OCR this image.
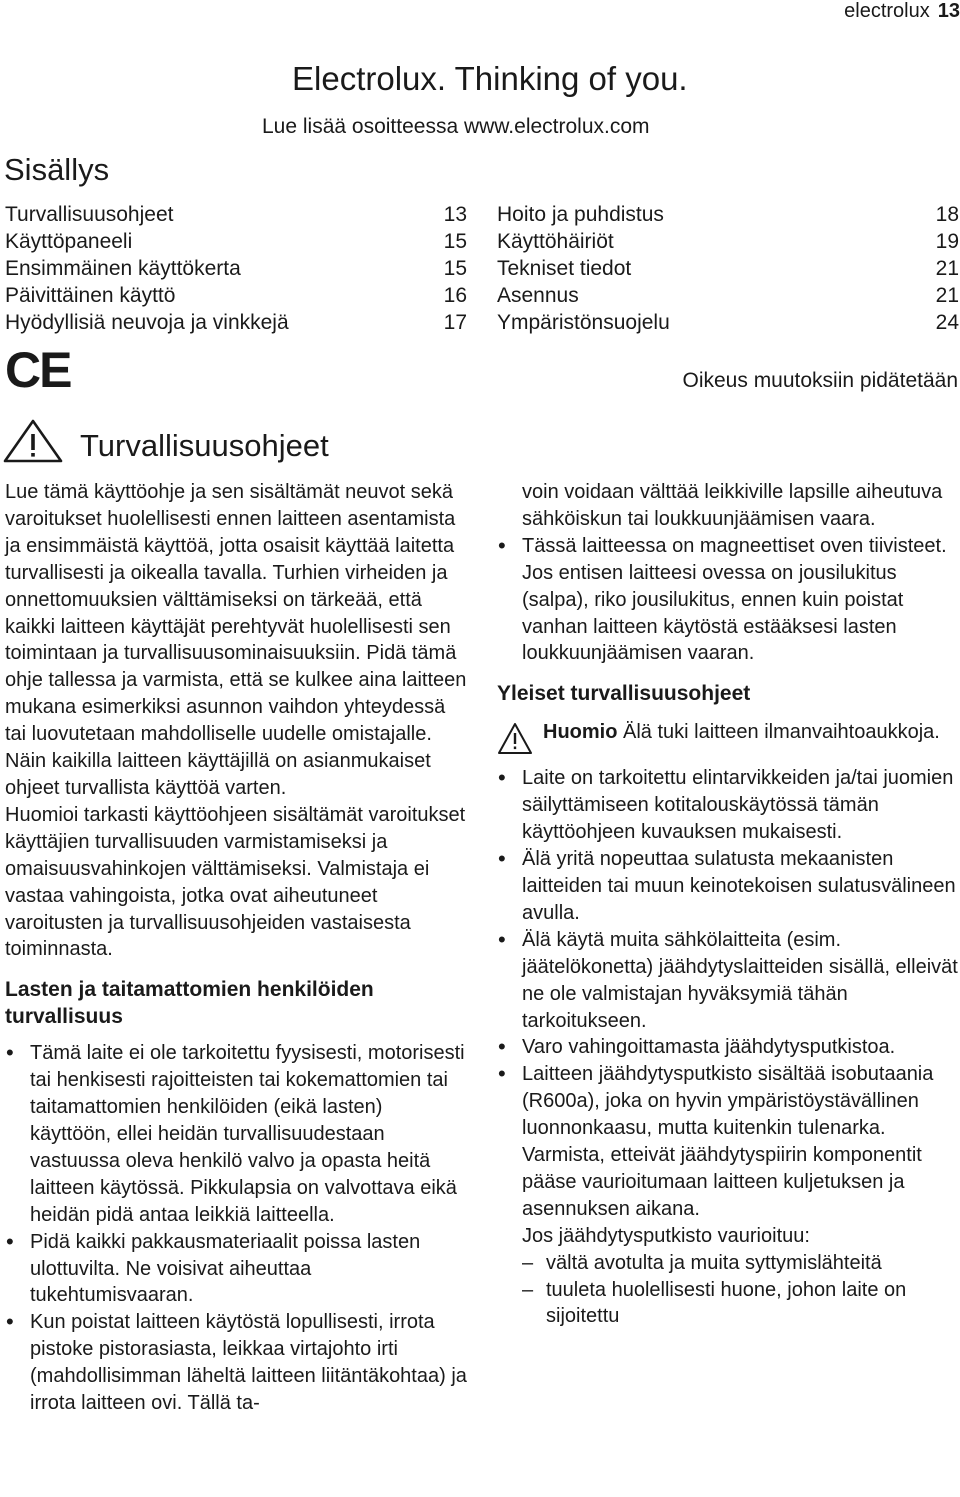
electrolux 13
Electrolux. Thinking of you.
Lue lisää osoitteessa www.electrolux.com
Sisällys
Turvallisuusohjeet	13
Käyttöpaneeli	15
Ensimmäinen käyttökerta	15
Päivittäinen käyttö	16
Hyödyllisiä neuvoja ja vinkkejä	17
Hoito ja puhdistus	18
Käyttöhäiriöt	19
Tekniset tiedot	21
Asennus	21
Ympäristönsuojelu	24
CE	Oikeus muutoksiin pidätetään
Turvallisuusohjeet

Lue tämä käyttöohje ja sen sisältämät neuvot sekä varoitukset huolellisesti ennen laitteen asentamista ja ensimmäistä käyttöä, jotta osaisit käyttää laitetta turvallisesti ja oikealla tavalla. Turhien virheiden ja onnettomuuksien välttämiseksi on tärkeää, että kaikki laitteen käyttäjät perehtyvät huolellisesti sen toimintaan ja turvallisuusominaisuuksiin. Pidä tämä ohje tallessa ja varmista, että se kulkee aina laitteen mukana esimerkiksi asunnon vaihdon yhteydessä tai luovutetaan mahdolliselle uudelle omistajalle. Näin kaikilla laitteen käyttäjillä on asianmukaiset ohjeet turvallista käyttöä varten.

Huomioi tarkasti käyttöohjeen sisältämät varoitukset käyttäjien turvallisuuden varmistamiseksi ja omaisuusvahinkojen välttämiseksi. Valmistaja ei vastaa vahingoista, jotka ovat aiheutuneet varoitusten ja turvallisuusohjeiden vastaisesta toiminnasta.

Lasten ja taitamattomien henkilöiden turvallisuus
• Tämä laite ei ole tarkoitettu fyysisesti, motorisesti tai henkisesti rajoitteisten tai kokemattomien tai taitamattomien henkilöiden (eikä lasten) käyttöön, ellei heidän turvallisuudestaan vastuussa oleva henkilö valvo ja opasta heitä laitteen käytössä. Pikkulapsia on valvottava eikä heidän pidä antaa leikkiä laitteella.
• Pidä kaikki pakkausmateriaalit poissa lasten ulottuvilta. Ne voisivat aiheuttaa tukehtumisvaaran.
• Kun poistat laitteen käytöstä lopullisesti, irrota pistoke pistorasiasta, leikkaa virtajohto irti (mahdollisimman läheltä laitteen liitäntäkohtaa) ja irrota laitteen ovi. Tällä ta-
voin voidaan välttää leikkiville lapsille aiheutuva sähköiskun tai loukkuunjäämisen vaara.
• Tässä laitteessa on magneettiset oven tiivisteet. Jos entisen laitteesi ovessa on jousilukitus (salpa), riko jousilukitus, ennen kuin poistat vanhan laitteen käytöstä estääksesi lasten loukkuunjäämisen vaaran.
Yleiset turvallisuusohjeet
Huomio Älä tuki laitteen ilmanvaihtoaukkoja.
• Laite on tarkoitettu elintarvikkeiden ja/tai juomien säilyttämiseen kotitalouskäytössä tämän käyttöohjeen kuvauksen mukaisesti.
• Älä yritä nopeuttaa sulatusta mekaanisten laitteiden tai muun keinotekoisen sulatusvälineen avulla.
• Älä käytä muita sähkölaitteita (esim. jäätelökonetta) jäähdytyslaitteiden sisällä, elleivät ne ole valmistajan hyväksymiä tähän tarkoitukseen.
• Varo vahingoittamasta jäähdytysputkistoa.
• Laitteen jäähdytysputkisto sisältää isobutaania (R600a), joka on hyvin ympäristöystävällinen luonnonkaasu, mutta kuitenkin tulenarka.
Varmista, etteivät jäähdytyspiirin komponentit pääse vaurioitumaan laitteen kuljetuksen ja asennuksen aikana.
Jos jäähdytysputkisto vaurioituu:
– vältä avotulta ja muita syttymislähteitä
– tuuleta huolellisesti huone, johon laite on sijoitettu
